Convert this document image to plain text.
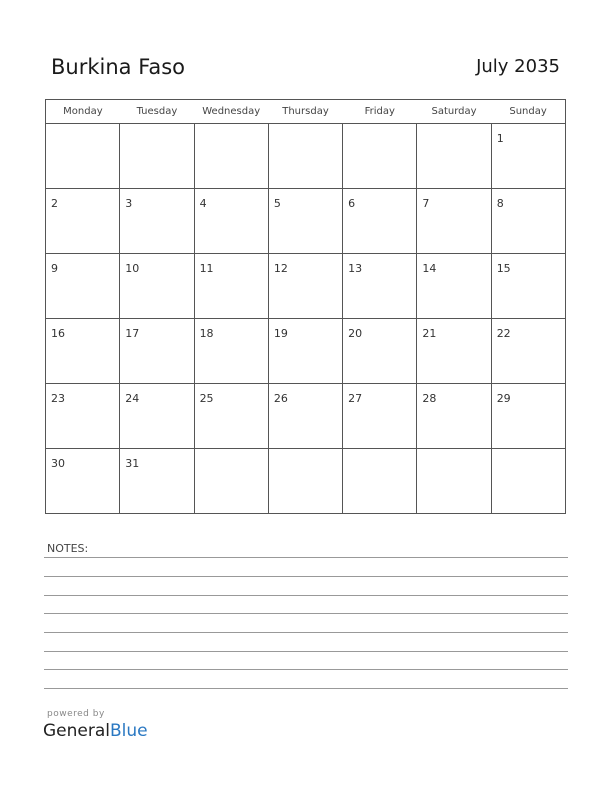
Burkina Faso	July 2035
Monday	Tuesday	Wednesday	Thursday	Friday	Saturday	Sunday

						1

2	3	4	5	6	7	8

9	10	11	12	13	14	15

16	17	18	19	20	21	22

23	24	25	26	27	28	29

30	31					

NOTES:
powered by
GeneralBlue
